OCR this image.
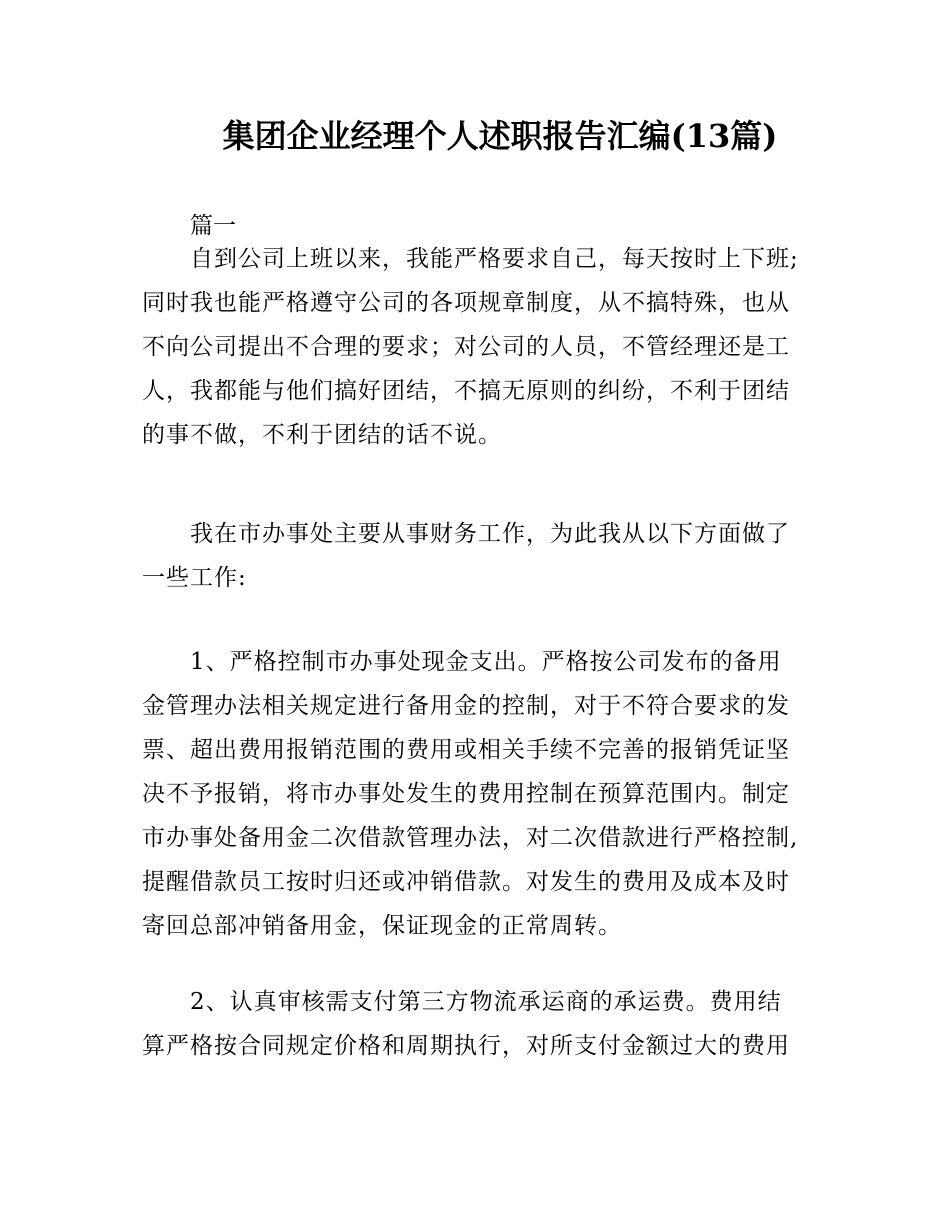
集团企业经理个人述职报告汇编(13篇)

篇一

自到公司上班以来，我能严格要求自己，每天按时上下班;
同时我也能严格遵守公司的各项规章制度，从不搞特殊，也从
不向公司提出不合理的要求；对公司的人员，不管经理还是工
人，我都能与他们搞好团结，不搞无原则的纠纷，不利于团结
的事不做，不利于团结的话不说。

我在市办事处主要从事财务工作，为此我从以下方面做了
一些工作:

1、严格控制市办事处现金支出。严格按公司发布的备用
金管理办法相关规定进行备用金的控制，对于不符合要求的发
票、超出费用报销范围的费用或相关手续不完善的报销凭证坚
决不予报销，将市办事处发生的费用控制在预算范围内。制定
市办事处备用金二次借款管理办法，对二次借款进行严格控制,
提醒借款员工按时归还或冲销借款。对发生的费用及成本及时
寄回总部冲销备用金，保证现金的正常周转。

2、认真审核需支付第三方物流承运商的承运费。费用结
算严格按合同规定价格和周期执行，对所支付金额过大的费用
